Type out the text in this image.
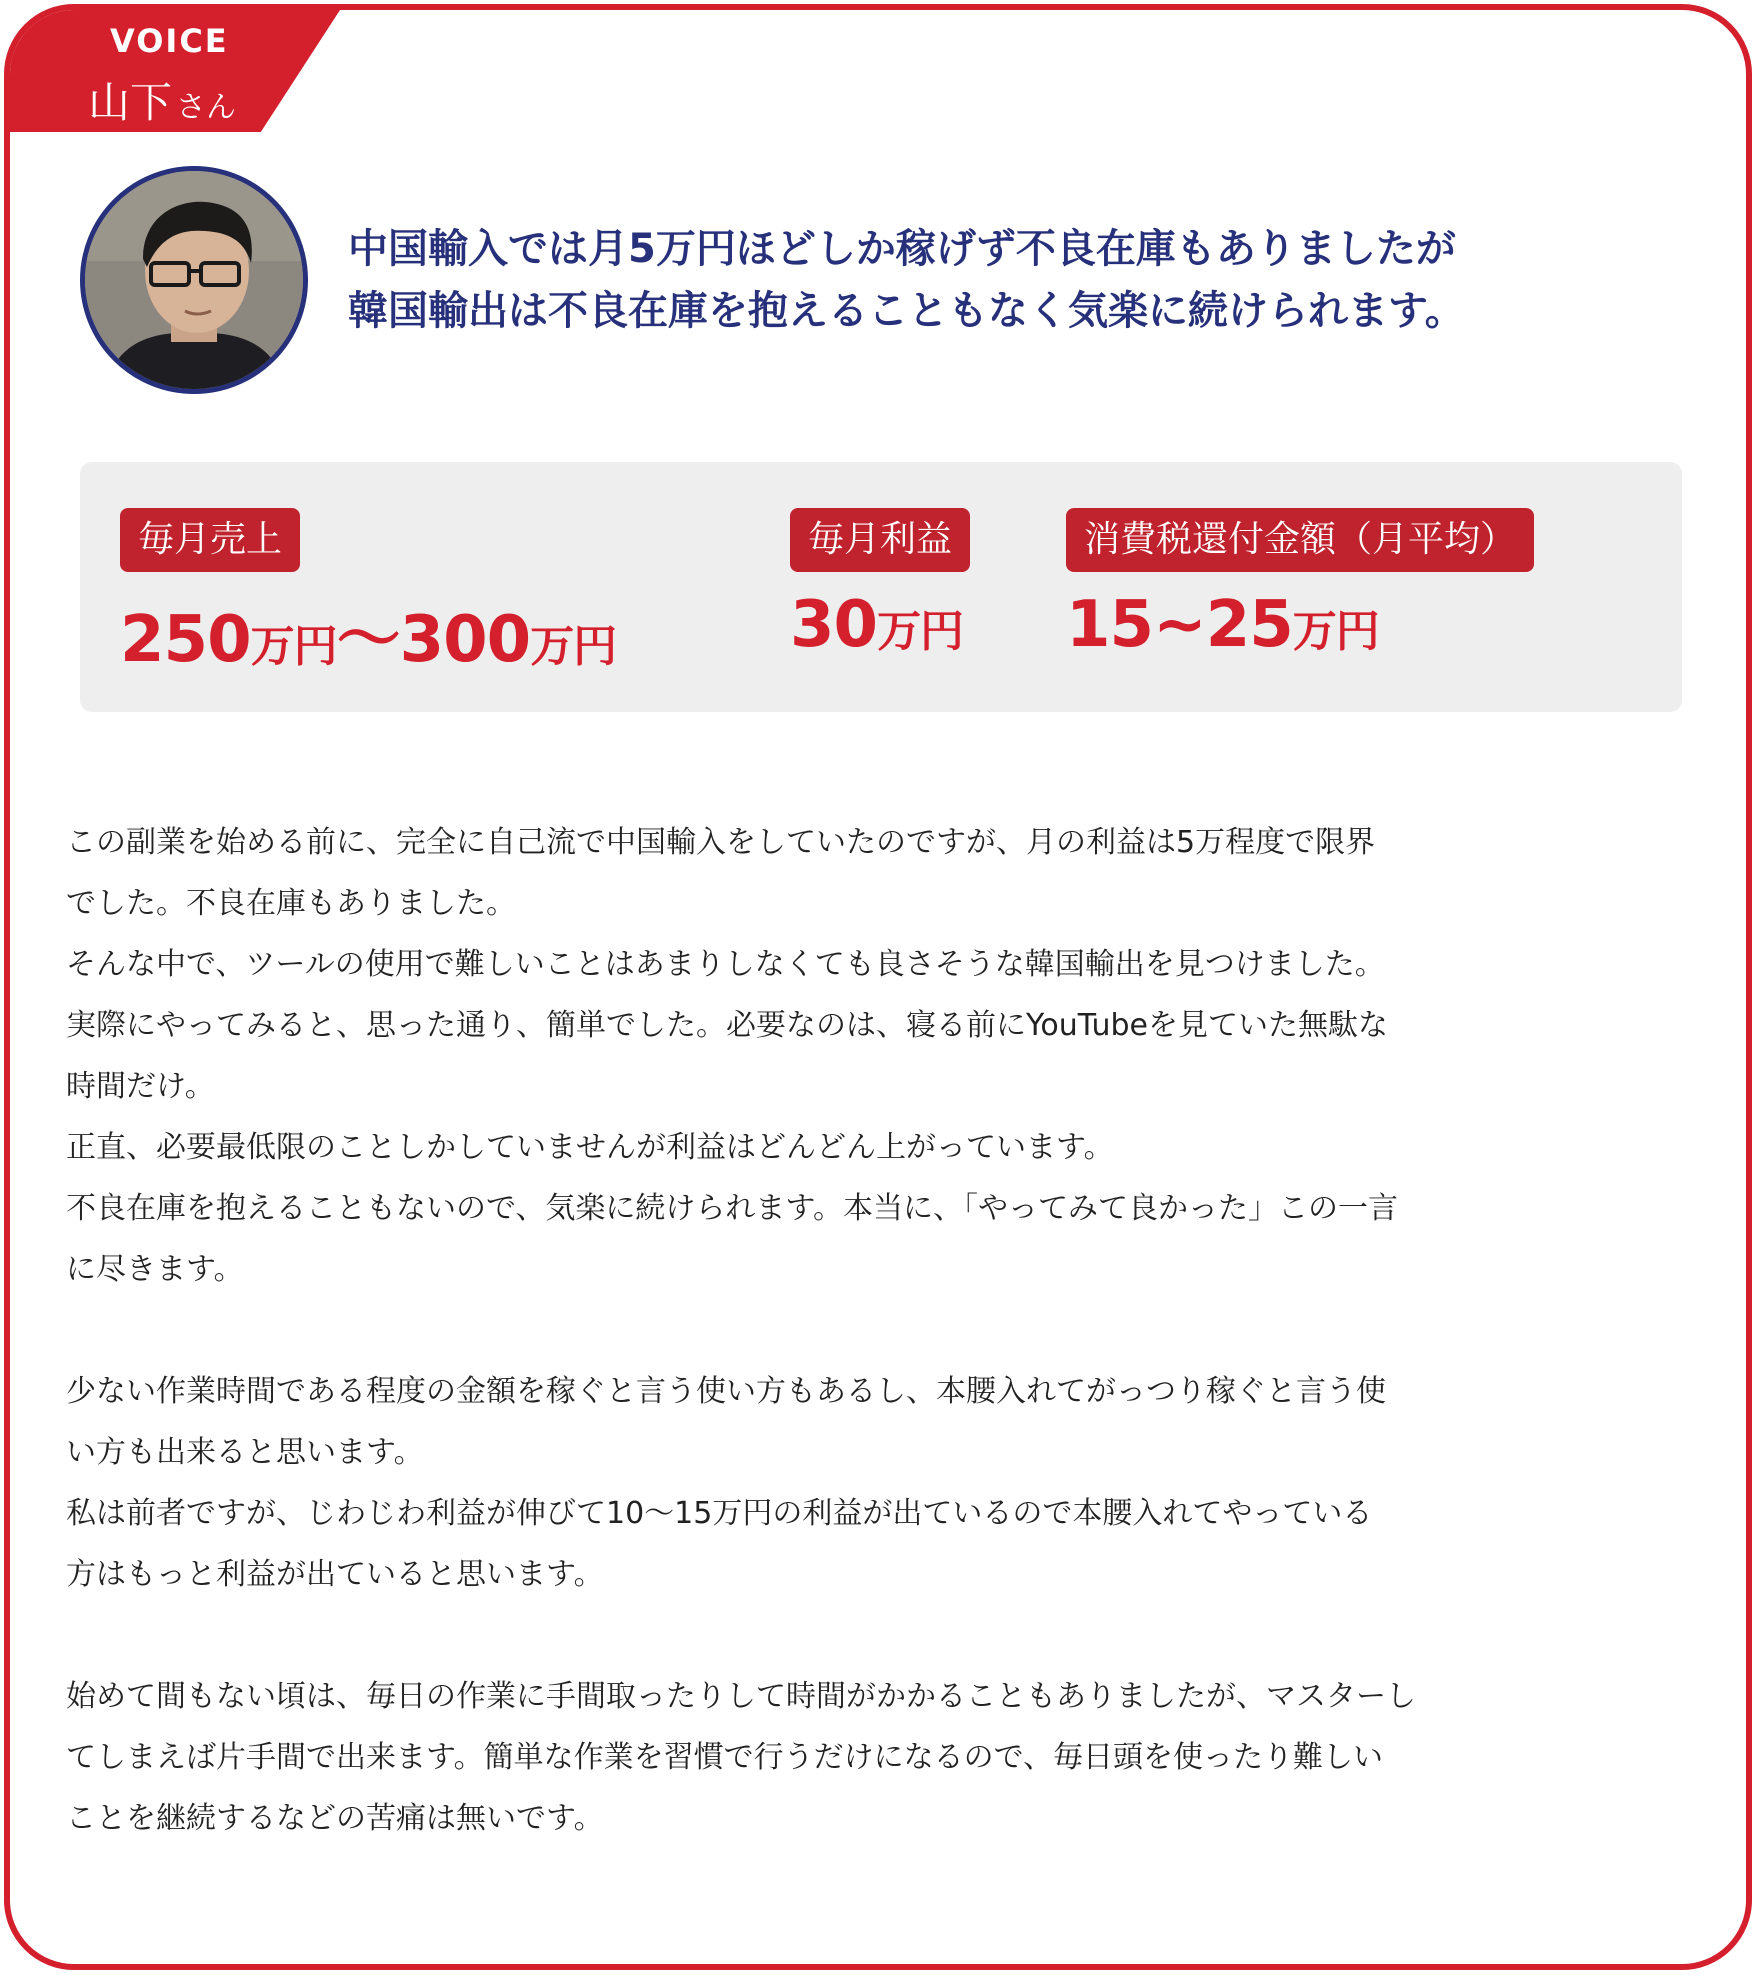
VOICE
山下 さん
中国輸入では月5万円ほどしか稼げず不良在庫もありましたが
韓国輸出は不良在庫を抱えることもなく気楽に続けられます。
毎月売上
250万円〜300万円
毎月利益
30万円
消費税還付金額（月平均）
15~25万円
この副業を始める前に、完全に自己流で中国輸入をしていたのですが、月の利益は5万程度で限界
でした。不良在庫もありました。
そんな中で、ツールの使用で難しいことはあまりしなくても良さそうな韓国輸出を見つけました。
実際にやってみると、思った通り、簡単でした。必要なのは、寝る前にYouTubeを見ていた無駄な
時間だけ。
正直、必要最低限のことしかしていませんが利益はどんどん上がっています。
不良在庫を抱えることもないので、気楽に続けられます。本当に、「やってみて良かった」この一言
に尽きます。
少ない作業時間である程度の金額を稼ぐと言う使い方もあるし、本腰入れてがっつり稼ぐと言う使
い方も出来ると思います。
私は前者ですが、じわじわ利益が伸びて10〜15万円の利益が出ているので本腰入れてやっている
方はもっと利益が出ていると思います。
始めて間もない頃は、毎日の作業に手間取ったりして時間がかかることもありましたが、マスターし
てしまえば片手間で出来ます。簡単な作業を習慣で行うだけになるので、毎日頭を使ったり難しい
ことを継続するなどの苦痛は無いです。
